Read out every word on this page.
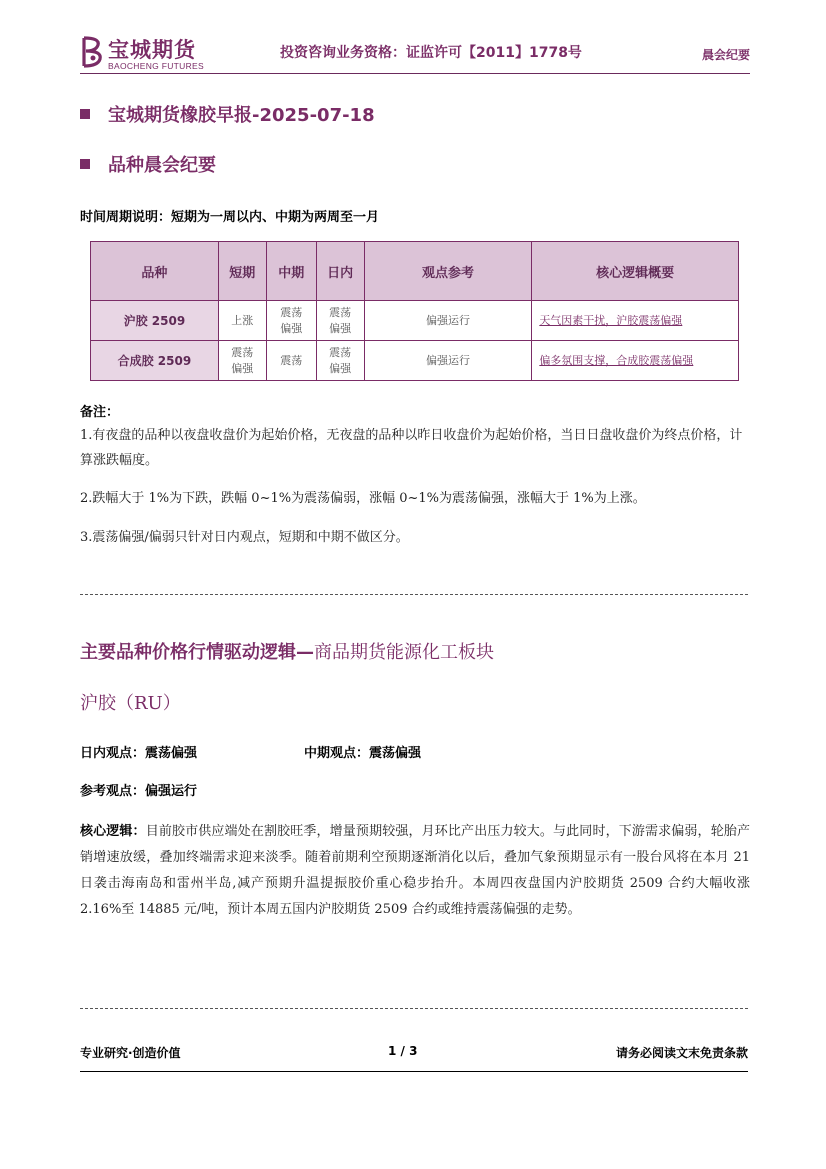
宝城期货
BAOCHENG FUTURES
投资咨询业务资格：证监许可【2011】1778号	晨会纪要
宝城期货橡胶早报-2025-07-18
品种晨会纪要
时间周期说明：短期为一周以内、中期为两周至一月
品种	短期	中期	日内	观点参考	核心逻辑概要
沪胶 2509	上涨	震荡偏强	震荡偏强	偏强运行	天气因素干扰，沪胶震荡偏强
合成胶 2509	震荡偏强	震荡	震荡偏强	偏强运行	偏多氛围支撑，合成胶震荡偏强
备注：
1.有夜盘的品种以夜盘收盘价为起始价格，无夜盘的品种以昨日收盘价为起始价格，当日日盘收盘价为终点价格，计算涨跌幅度。
2.跌幅大于 1%为下跌，跌幅 0~1%为震荡偏弱，涨幅 0~1%为震荡偏强，涨幅大于 1%为上涨。
3.震荡偏强/偏弱只针对日内观点，短期和中期不做区分。
主要品种价格行情驱动逻辑—商品期货能源化工板块
沪胶（RU）
日内观点：震荡偏强	中期观点：震荡偏强
参考观点：偏强运行
核心逻辑：目前胶市供应端处在割胶旺季，增量预期较强，月环比产出压力较大。与此同时，下游需求偏弱，轮胎产销增速放缓，叠加终端需求迎来淡季。随着前期利空预期逐渐消化以后，叠加气象预期显示有一股台风将在本月 21 日袭击海南岛和雷州半岛,减产预期升温提振胶价重心稳步抬升。本周四夜盘国内沪胶期货 2509 合约大幅收涨 2.16%至 14885 元/吨，预计本周五国内沪胶期货 2509 合约或维持震荡偏强的走势。
专业研究·创造价值	1 / 3	请务必阅读文末免责条款
